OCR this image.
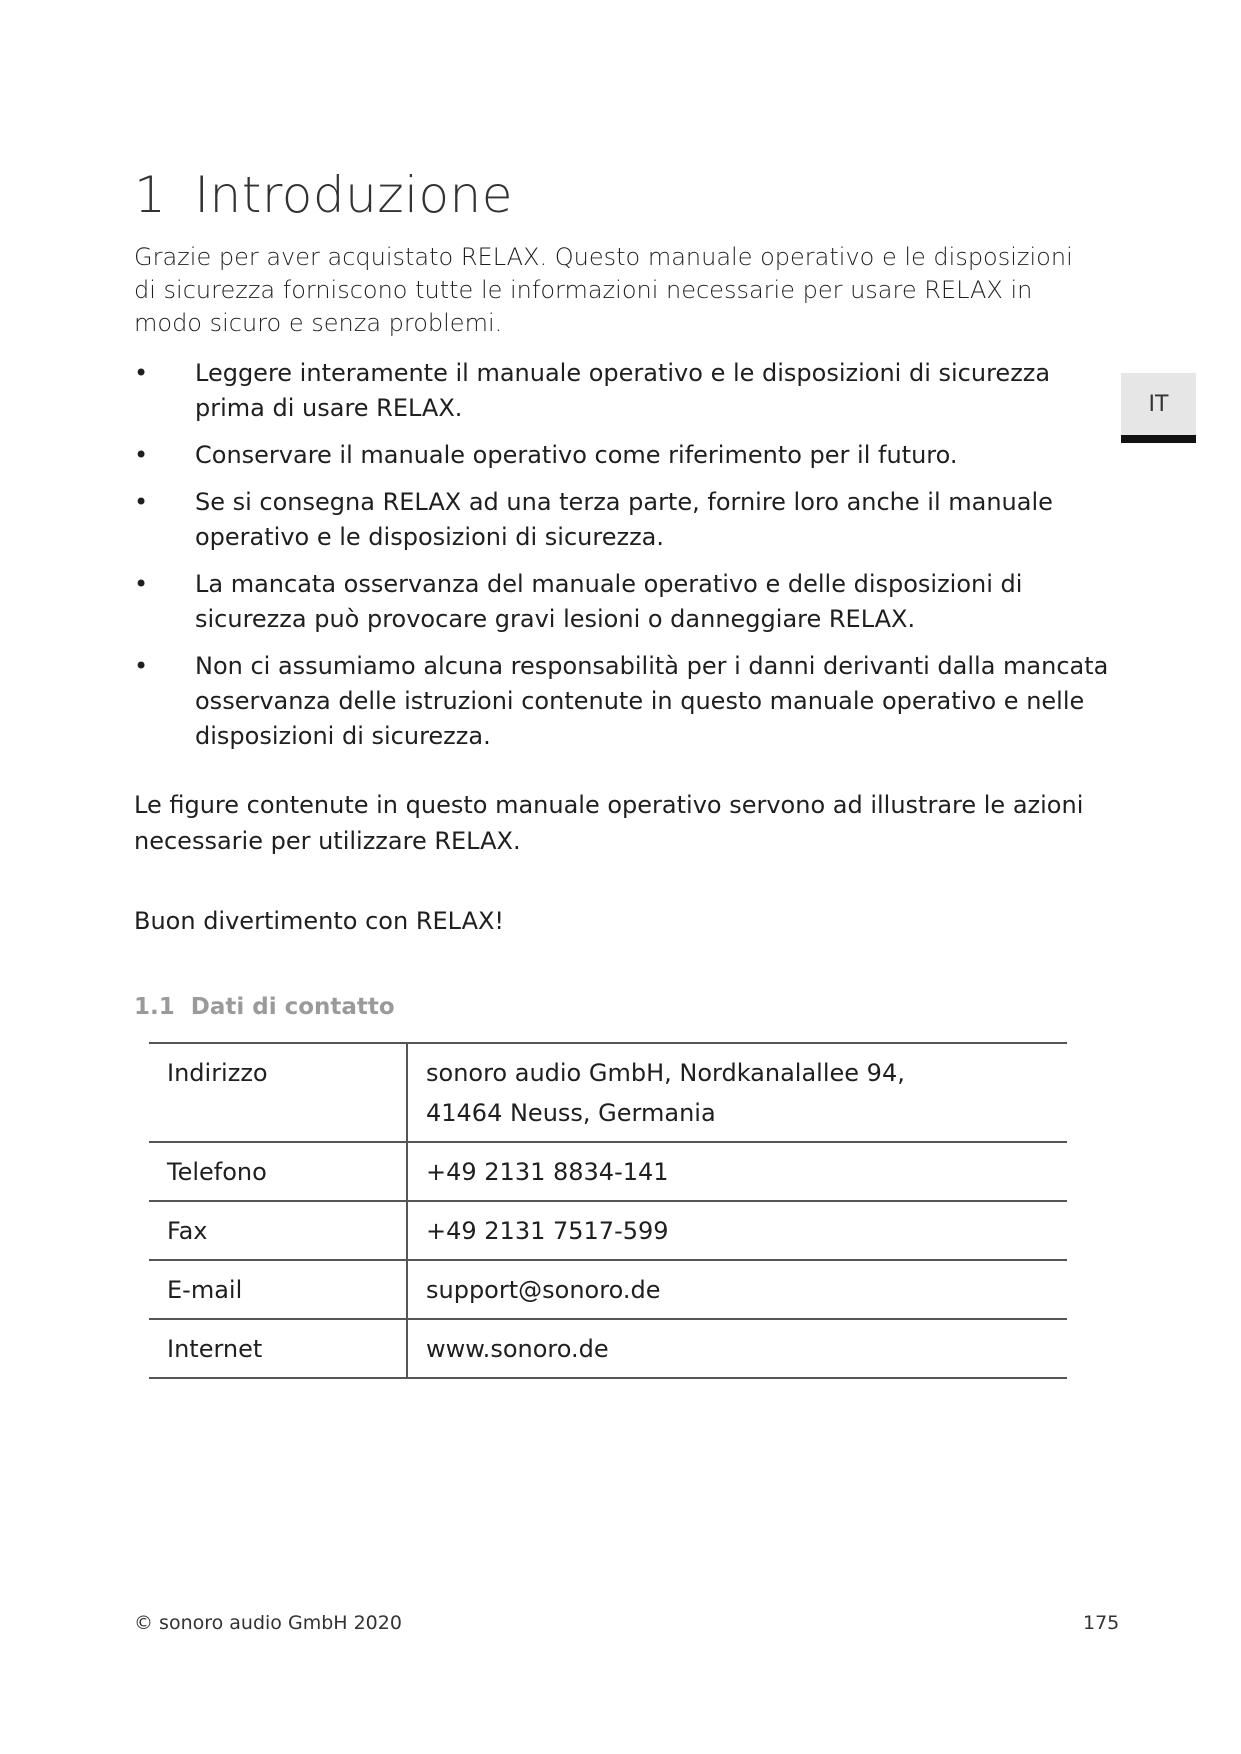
1 Introduzione

Grazie per aver acquistato RELAX. Questo manuale operativo e le disposizioni di sicurezza forniscono tutte le informazioni necessarie per usare RELAX in modo sicuro e senza problemi.

• Leggere interamente il manuale operativo e le disposizioni di sicurezza prima di usare RELAX.
• Conservare il manuale operativo come riferimento per il futuro.
• Se si consegna RELAX ad una terza parte, fornire loro anche il manuale operativo e le disposizioni di sicurezza.
• La mancata osservanza del manuale operativo e delle disposizioni di sicurezza può provocare gravi lesioni o danneggiare RELAX.
• Non ci assumiamo alcuna responsabilità per i danni derivanti dalla mancata osservanza delle istruzioni contenute in questo manuale operativo e nelle disposizioni di sicurezza.
IT

Le figure contenute in questo manuale operativo servono ad illustrare le azioni necessarie per utilizzare RELAX.

Buon divertimento con RELAX!

1.1 Dati di contatto
Indirizzo	sonoro audio GmbH, Nordkanalallee 94,
41464 Neuss, Germania

Telefono	+49 2131 8834-141
Fax	+49 2131 7517-599
E-mail	support@sonoro.de
Internet	www.sonoro.de

© sonoro audio GmbH 2020	175
